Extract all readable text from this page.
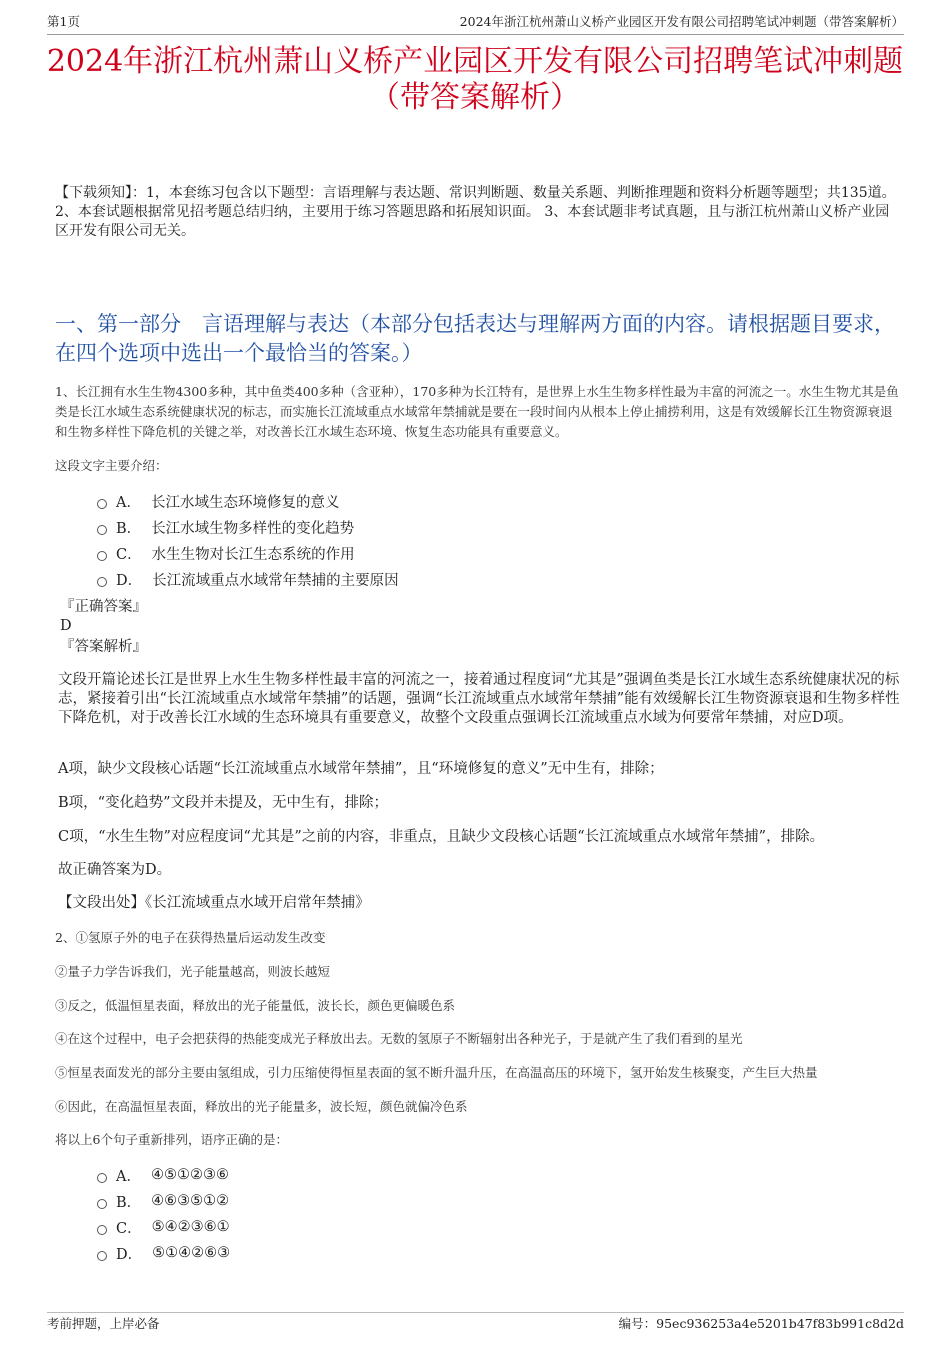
第1页	2024年浙江杭州萧山义桥产业园区开发有限公司招聘笔试冲刺题（带答案解析）
2024年浙江杭州萧山义桥产业园区开发有限公司招聘笔试冲刺题（带答案解析）
【下载须知】：1，本套练习包含以下题型：言语理解与表达题、常识判断题、数量关系题、判断推理题和资料分析题等题型；共135道。 2、本套试题根据常见招考题总结归纳，主要用于练习答题思路和拓展知识面。 3、本套试题非考试真题，且与浙江杭州萧山义桥产业园区开发有限公司无关。
一、第一部分　言语理解与表达（本部分包括表达与理解两方面的内容。请根据题目要求，在四个选项中选出一个最恰当的答案。）
1、长江拥有水生生物4300多种，其中鱼类400多种（含亚种），170多种为长江特有，是世界上水生生物多样性最为丰富的河流之一。水生生物尤其是鱼类是长江水域生态系统健康状况的标志，而实施长江流域重点水域常年禁捕就是要在一段时间内从根本上停止捕捞利用，这是有效缓解长江生物资源衰退和生物多样性下降危机的关键之举，对改善长江水域生态环境、恢复生态功能具有重要意义。
这段文字主要介绍：
A． 长江水域生态环境修复的意义
B． 长江水域生物多样性的变化趋势
C． 水生生物对长江生态系统的作用
D． 长江流域重点水域常年禁捕的主要原因
『正确答案』
D
『答案解析』
文段开篇论述长江是世界上水生生物多样性最丰富的河流之一，接着通过程度词“尤其是”强调鱼类是长江水域生态系统健康状况的标志，紧接着引出“长江流域重点水域常年禁捕”的话题，强调“长江流域重点水域常年禁捕”能有效缓解长江生物资源衰退和生物多样性下降危机，对于改善长江水域的生态环境具有重要意义，故整个文段重点强调长江流域重点水域为何要常年禁捕，对应D项。
A项，缺少文段核心话题“长江流域重点水域常年禁捕”，且“环境修复的意义”无中生有，排除；
B项，“变化趋势”文段并未提及，无中生有，排除；
C项，“水生生物”对应程度词“尤其是”之前的内容，非重点，且缺少文段核心话题“长江流域重点水域常年禁捕”，排除。
故正确答案为D。
【文段出处】《长江流域重点水域开启常年禁捕》
2、①氢原子外的电子在获得热量后运动发生改变
②量子力学告诉我们，光子能量越高，则波长越短
③反之，低温恒星表面，释放出的光子能量低，波长长，颜色更偏暖色系
④在这个过程中，电子会把获得的热能变成光子释放出去。无数的氢原子不断辐射出各种光子，于是就产生了我们看到的星光
⑤恒星表面发光的部分主要由氢组成，引力压缩使得恒星表面的氢不断升温升压，在高温高压的环境下，氢开始发生核聚变，产生巨大热量
⑥因此，在高温恒星表面，释放出的光子能量多，波长短，颜色就偏冷色系
将以上6个句子重新排列，语序正确的是：
A． ④⑤①②③⑥
B． ④⑥③⑤①②
C． ⑤④②③⑥①
D． ⑤①④②⑥③
考前押题，上岸必备	编号：95ec936253a4e5201b47f83b991c8d2d
